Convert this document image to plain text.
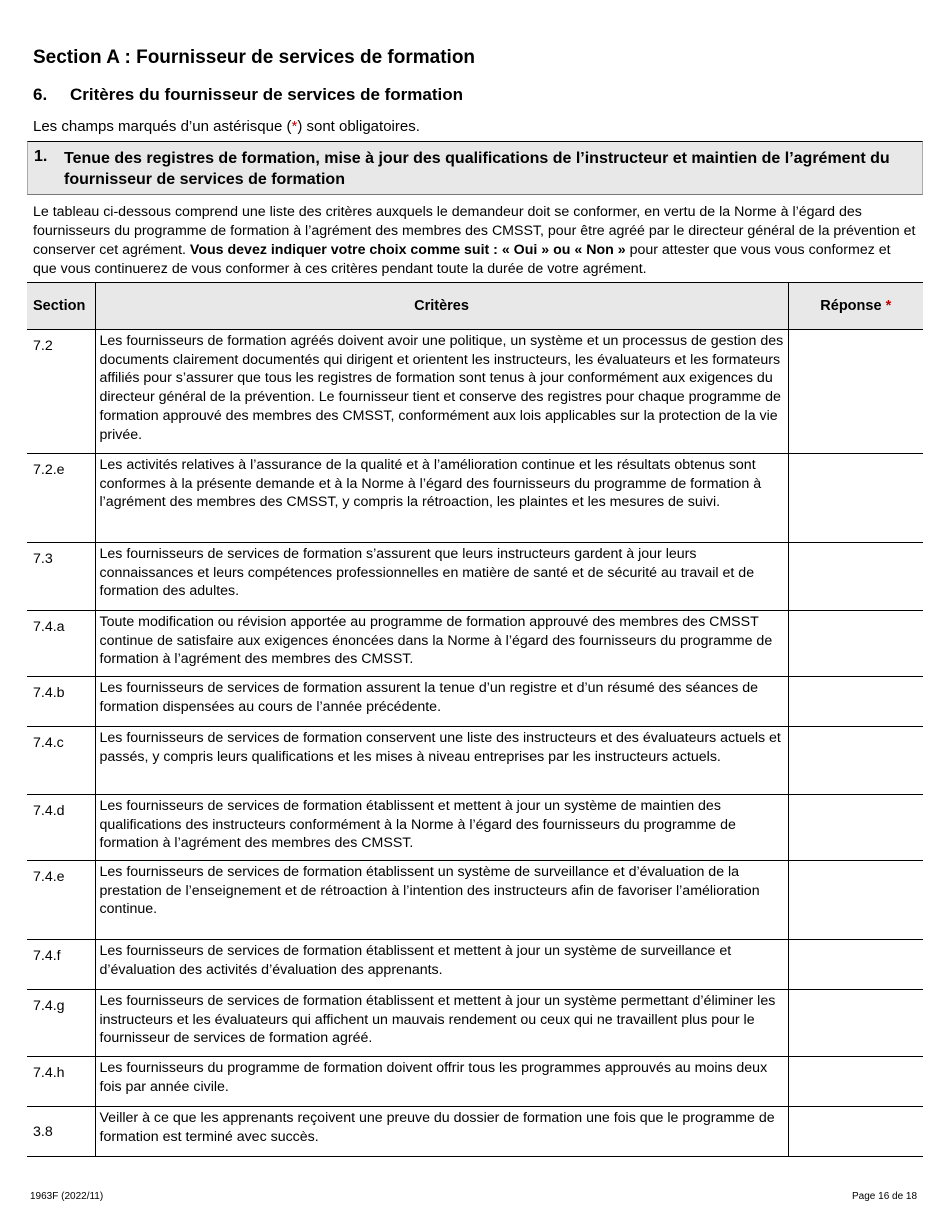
Section A : Fournisseur de services de formation
6. Critères du fournisseur de services de formation
Les champs marqués d’un astérisque (*) sont obligatoires.
1. Tenue des registres de formation, mise à jour des qualifications de l’instructeur et maintien de l’agrément du fournisseur de services de formation
Le tableau ci-dessous comprend une liste des critères auxquels le demandeur doit se conformer, en vertu de la Norme à l’égard des fournisseurs du programme de formation à l’agrément des membres des CMSST, pour être agréé par le directeur général de la prévention et conserver cet agrément. Vous devez indiquer votre choix comme suit : « Oui » ou « Non » pour attester que vous vous conformez et que vous continuerez de vous conformer à ces critères pendant toute la durée de votre agrément.
Section	Critères	Réponse *
7.2	Les fournisseurs de formation agréés doivent avoir une politique, un système et un processus de gestion des documents clairement documentés qui dirigent et orientent les instructeurs, les évaluateurs et les formateurs affiliés pour s’assurer que tous les registres de formation sont tenus à jour conformément aux exigences du directeur général de la prévention. Le fournisseur tient et conserve des registres pour chaque programme de formation approuvé des membres des CMSST, conformément aux lois applicables sur la protection de la vie privée.	
7.2.e	Les activités relatives à l’assurance de la qualité et à l’amélioration continue et les résultats obtenus sont conformes à la présente demande et à la Norme à l’égard des fournisseurs du programme de formation à l’agrément des membres des CMSST, y compris la rétroaction, les plaintes et les mesures de suivi.	
7.3	Les fournisseurs de services de formation s’assurent que leurs instructeurs gardent à jour leurs connaissances et leurs compétences professionnelles en matière de santé et de sécurité au travail et de formation des adultes.	
7.4.a	Toute modification ou révision apportée au programme de formation approuvé des membres des CMSST continue de satisfaire aux exigences énoncées dans la Norme à l’égard des fournisseurs du programme de formation à l’agrément des membres des CMSST.	
7.4.b	Les fournisseurs de services de formation assurent la tenue d’un registre et d’un résumé des séances de formation dispensées au cours de l’année précédente.	
7.4.c	Les fournisseurs de services de formation conservent une liste des instructeurs et des évaluateurs actuels et passés, y compris leurs qualifications et les mises à niveau entreprises par les instructeurs actuels.	
7.4.d	Les fournisseurs de services de formation établissent et mettent à jour un système de maintien des qualifications des instructeurs conformément à la Norme à l’égard des fournisseurs du programme de formation à l’agrément des membres des CMSST.	
7.4.e	Les fournisseurs de services de formation établissent un système de surveillance et d’évaluation de la prestation de l’enseignement et de rétroaction à l’intention des instructeurs afin de favoriser l’amélioration continue.	
7.4.f	Les fournisseurs de services de formation établissent et mettent à jour un système de surveillance et d’évaluation des activités d’évaluation des apprenants.	
7.4.g	Les fournisseurs de services de formation établissent et mettent à jour un système permettant d’éliminer les instructeurs et les évaluateurs qui affichent un mauvais rendement ou ceux qui ne travaillent plus pour le fournisseur de services de formation agréé.	
7.4.h	Les fournisseurs du programme de formation doivent offrir tous les programmes approuvés au moins deux fois par année civile.	
3.8	Veiller à ce que les apprenants reçoivent une preuve du dossier de formation une fois que le programme de formation est terminé avec succès.	
1963F (2022/11)	Page 16 de 18
